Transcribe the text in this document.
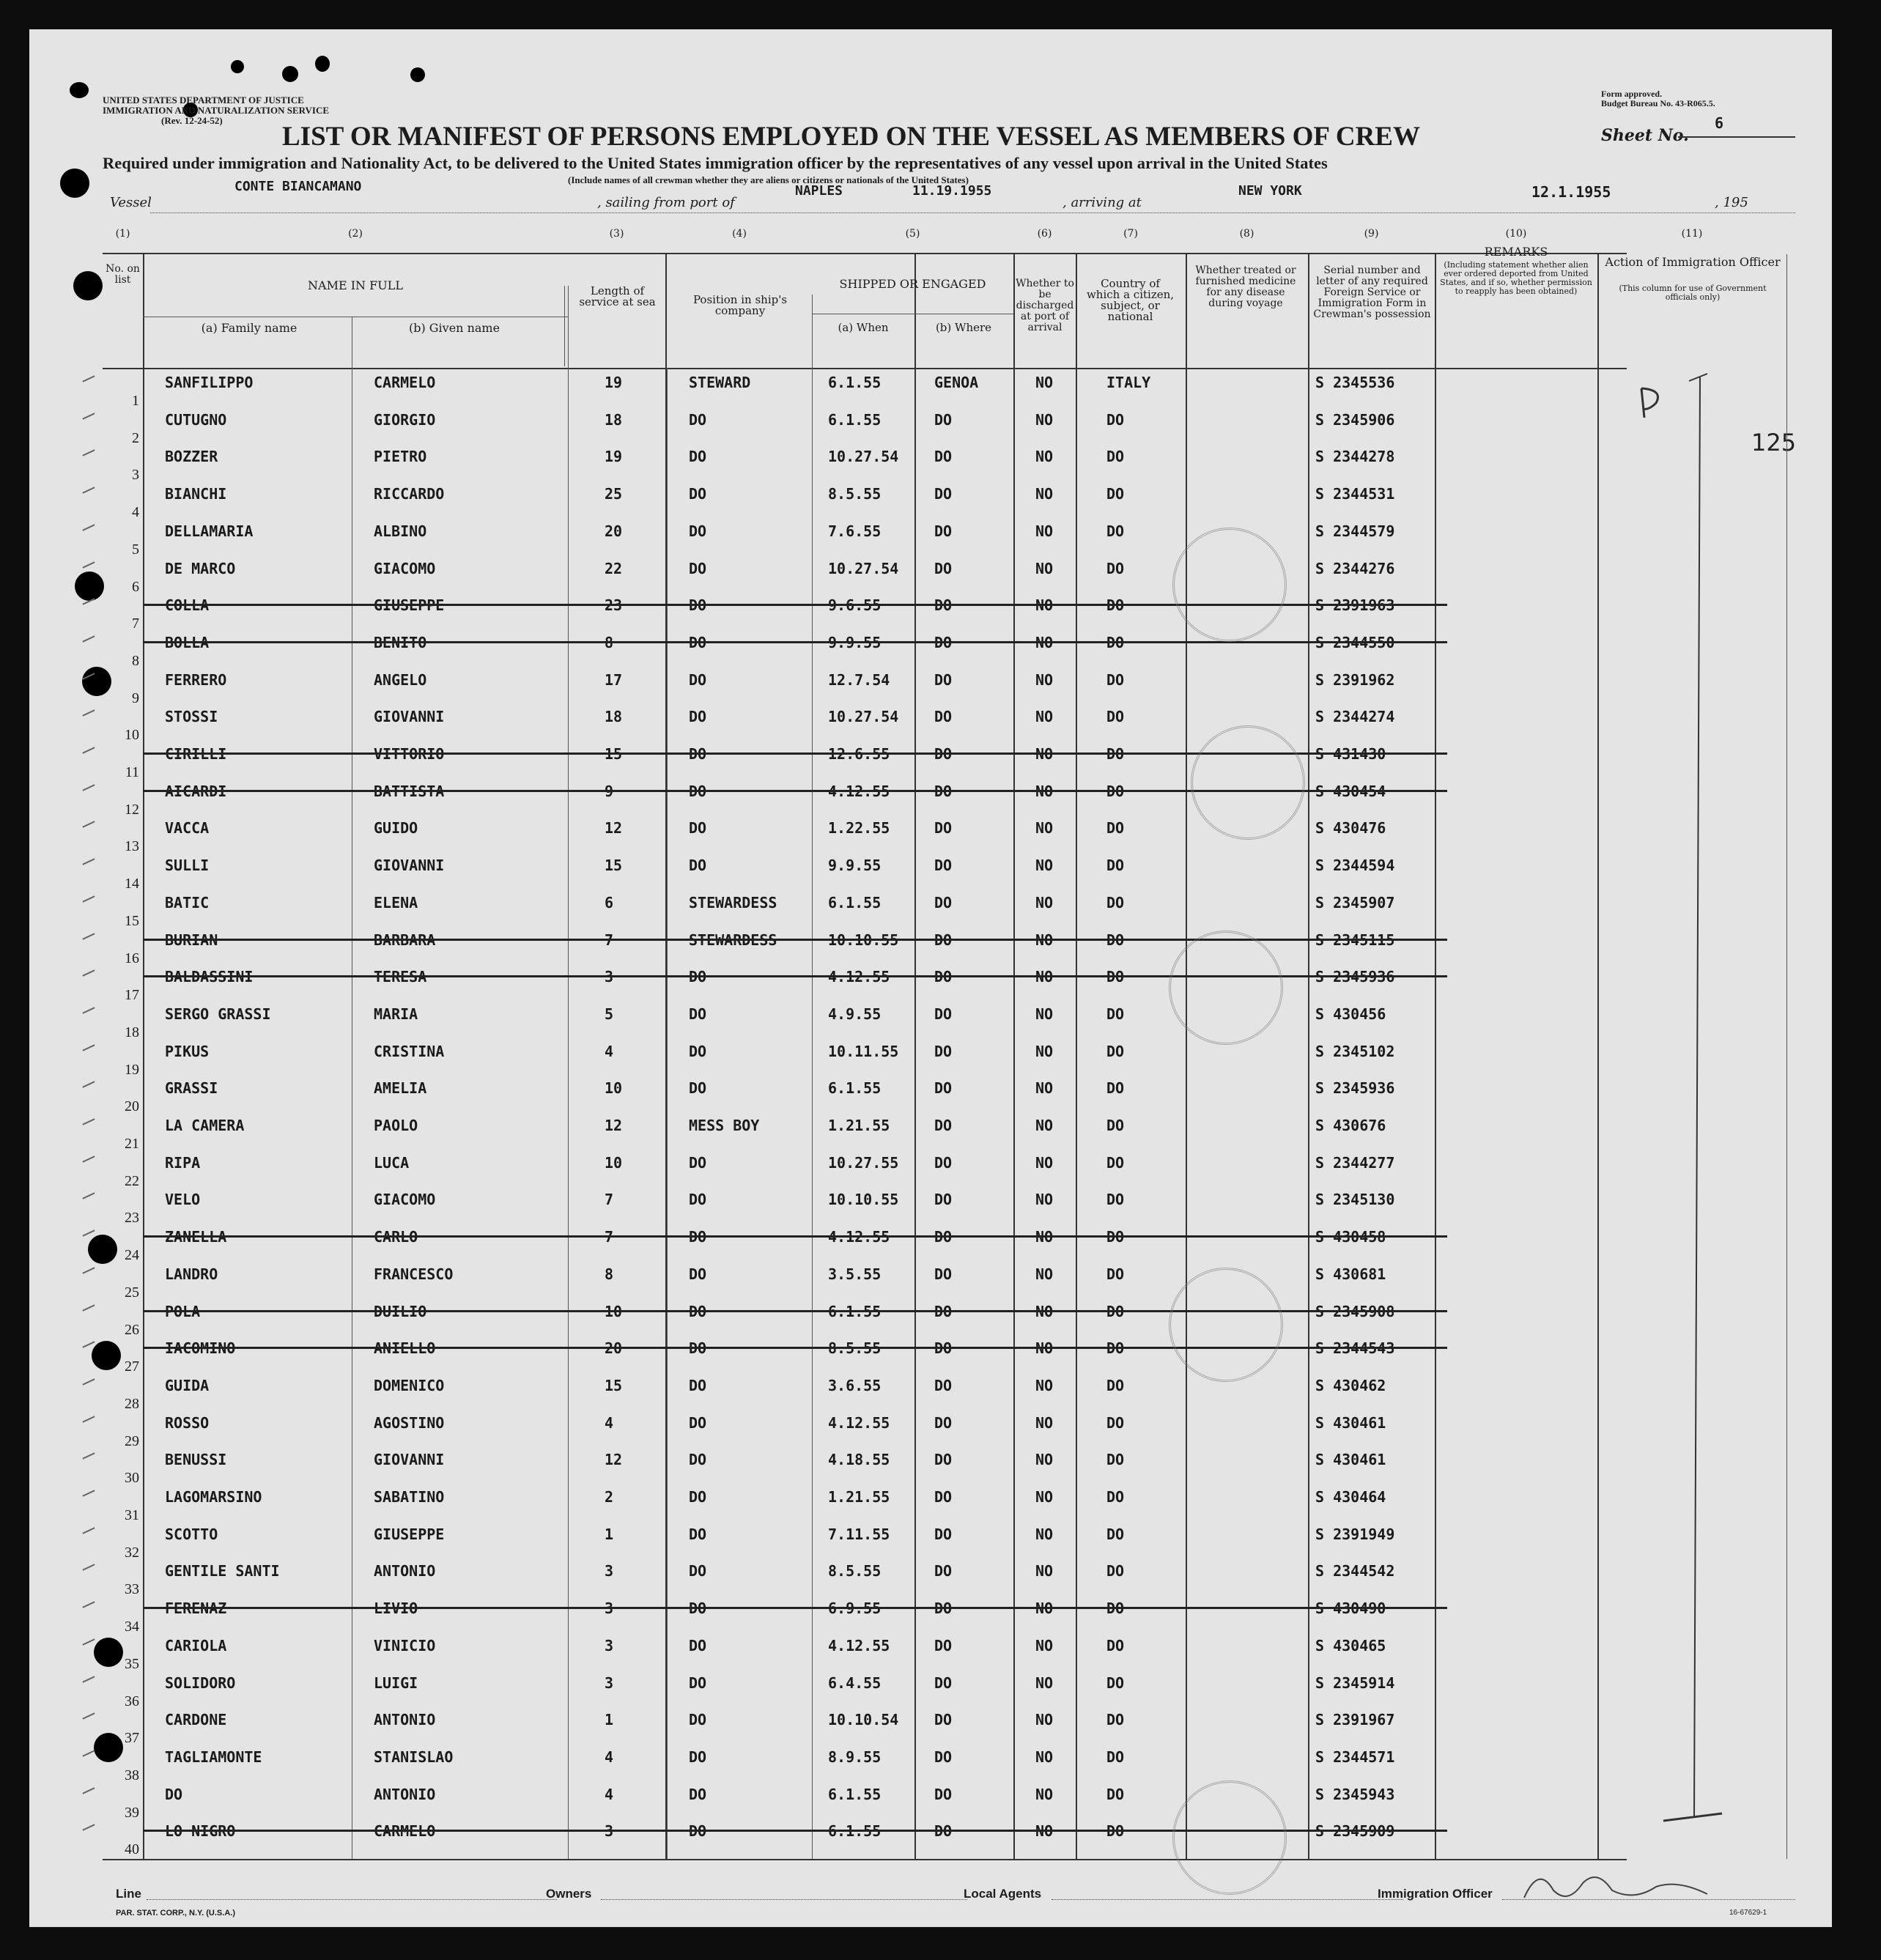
UNITED STATES DEPARTMENT OF JUSTICE
IMMIGRATION AND NATURALIZATION SERVICE
(Rev. 12-24-52)
Form approved.
Budget Bureau No. 43-R065.5.
LIST OR MANIFEST OF PERSONS EMPLOYED ON THE VESSEL AS MEMBERS OF CREW	Sheet No.
6
Required under immigration and Nationality Act, to be delivered to the United States immigration officer by the representatives of any vessel upon arrival in the United States
(Include names of all crewman whether they are aliens or citizens or nationals of the United States)
Vessel
CONTE BIANCAMANO
, sailing from port of
NAPLES	11.19.1955
, arriving at
NEW YORK	12.1.1955
, 195
125
(1)
No. on list
(2)
NAME IN FULL
(a) Family name	(b) Given name
(3)
Length of service at sea
(4)
Position in ship's company
(5)
SHIPPED OR ENGAGED
(a) When	(b) Where
(6)
Whether to be discharged at port of arrival
(7)
Country of which a citizen, subject, or national
(8)
Whether treated or furnished medicine for any disease during voyage
(9)
Serial number and letter of any required Foreign Service or Immigration Form in Crewman's possession
(10)
REMARKS
(Including statement whether alien ever ordered deported from United States, and if so, whether permission to reapply has been obtained)
(11)
Action of Immigration Officer
(This column for use of Government officials only)
1
SANFILIPPO	CARMELO	19	STEWARD	6.1.55	GENOA	NO	ITALY	S 2345536
2
CUTUGNO	GIORGIO	18	DO	6.1.55	DO	NO	DO	S 2345906
3
BOZZER	PIETRO	19	DO	10.27.54 DO	NO	DO	S 2344278
4
BIANCHI	RICCARDO	25	DO	8.5.55	DO	NO	DO	S 2344531
5
DELLAMARIA	ALBINO	20	DO	7.6.55	DO	NO	DO	S 2344579
6
DE MARCO	GIACOMO	22	DO	10.27.54 DO	NO	DO	S 2344276
7
COLLA	GIUSEPPE	23	DO	9.6.55	DO	NO	DO	S 2391963
8
BOLLA	BENITO	8	DO	9.9.55	DO	NO	DO	S 2344550
9
FERRERO	ANGELO	17	DO	12.7.54	DO	NO	DO	S 2391962
10
STOSSI	GIOVANNI	18	DO	10.27.54 DO	NO	DO	S 2344274
11
CIRILLI	VITTORIO	15	DO	12.6.55	DO	NO	DO	S 431430
12
AICARDI	BATTISTA	9	DO	4.12.55	DO	NO	DO	S 430454
13
VACCA	GUIDO	12	DO	1.22.55	DO	NO	DO	S 430476
14
SULLI	GIOVANNI	15	DO	9.9.55	DO	NO	DO	S 2344594
15
BATIC	ELENA	6	STEWARDESS	6.1.55	DO	NO	DO	S 2345907
16
BURIAN	BARBARA	7	STEWARDESS	10.10.55 DO	NO	DO	S 2345115
17
BALDASSINI	TERESA	3	DO	4.12.55	DO	NO	DO	S 2345936
18
SERGO GRASSI	MARIA	5	DO	4.9.55	DO	NO	DO	S 430456
19
PIKUS	CRISTINA	4	DO	10.11.55 DO	NO	DO	S 2345102
20
GRASSI	AMELIA	10	DO	6.1.55	DO	NO	DO	S 2345936
21
LA CAMERA	PAOLO	12	MESS BOY	1.21.55	DO	NO	DO	S 430676
22
RIPA	LUCA	10	DO	10.27.55 DO	NO	DO	S 2344277
23
VELO	GIACOMO	7	DO	10.10.55 DO	NO	DO	S 2345130
24
ZANELLA	CARLO	7	DO	4.12.55	DO	NO	DO	S 430458
25
LANDRO	FRANCESCO	8	DO	3.5.55	DO	NO	DO	S 430681
26
POLA	DUILIO	10	DO	6.1.55	DO	NO	DO	S 2345908
27
IACOMINO	ANIELLO	20	DO	8.5.55	DO	NO	DO	S 2344543
28
GUIDA	DOMENICO	15	DO	3.6.55	DO	NO	DO	S 430462
29
ROSSO	AGOSTINO	4	DO	4.12.55	DO	NO	DO	S 430461
30
BENUSSI	GIOVANNI	12	DO	4.18.55	DO	NO	DO	S 430461
31
LAGOMARSINO	SABATINO	2	DO	1.21.55	DO	NO	DO	S 430464
32
SCOTTO	GIUSEPPE	1	DO	7.11.55	DO	NO	DO	S 2391949
33
GENTILE SANTI	ANTONIO	3	DO	8.5.55	DO	NO	DO	S 2344542
34
FERENAZ	LIVIO	3	DO	6.9.55	DO	NO	DO	S 430490
35
CARIOLA	VINICIO	3	DO	4.12.55	DO	NO	DO	S 430465
36
SOLIDORO	LUIGI	3	DO	6.4.55	DO	NO	DO	S 2345914
37
CARDONE	ANTONIO	1	DO	10.10.54 DO	NO	DO	S 2391967
38
TAGLIAMONTE	STANISLAO	4	DO	8.9.55	DO	NO	DO	S 2344571
39
DO	ANTONIO	4	DO	6.1.55	DO	NO	DO	S 2345943
40
LO NIGRO	CARMELO	3	DO	6.1.55	DO	NO	DO	S 2345909
Line	Owners	Local Agents	Immigration Officer
PAR. STAT. CORP., N.Y. (U.S.A.)	16-67629-1
